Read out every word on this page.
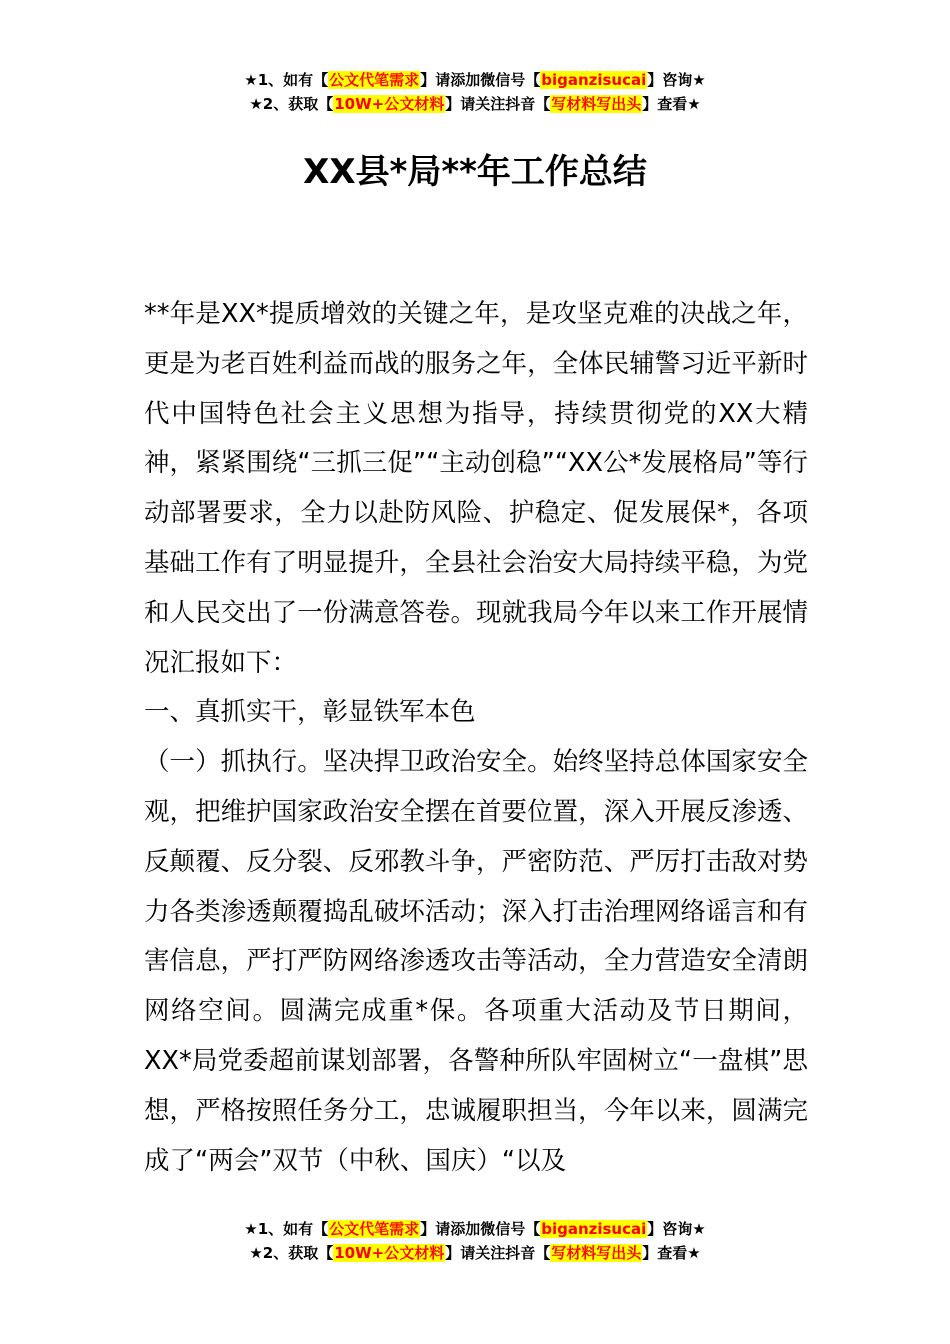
★1、如有【公文代笔需求】请添加微信号【biganzisucai】咨询★
★2、获取【10W+公文材料】请关注抖音【写材料写出头】查看★
XX县*局**年工作总结

**年是XX*提质增效的关键之年，是攻坚克难的决战之年，更是为老百姓利益而战的服务之年，全体民辅警习近平新时代中国特色社会主义思想为指导，持续贯彻党的XX大精神，紧紧围绕“三抓三促”“主动创稳”“XX公*发展格局”等行动部署要求，全力以赴防风险、护稳定、促发展保*，各项基础工作有了明显提升，全县社会治安大局持续平稳，为党和人民交出了一份满意答卷。现就我局今年以来工作开展情况汇报如下：

一、真抓实干，彰显铁军本色

（一）抓执行。坚决捍卫政治安全。始终坚持总体国家安全观，把维护国家政治安全摆在首要位置，深入开展反渗透、反颠覆、反分裂、反邪教斗争，严密防范、严厉打击敌对势力各类渗透颠覆捣乱破坏活动；深入打击治理网络谣言和有害信息，严打严防网络渗透攻击等活动，全力营造安全清朗网络空间。圆满完成重*保。各项重大活动及节日期间，XX*局党委超前谋划部署，各警种所队牢固树立“一盘棋”思想，严格按照任务分工，忠诚履职担当，今年以来，圆满完成了“两会”双节（中秋、国庆）“以及

★1、如有【公文代笔需求】请添加微信号【biganzisucai】咨询★
★2、获取【10W+公文材料】请关注抖音【写材料写出头】查看★
